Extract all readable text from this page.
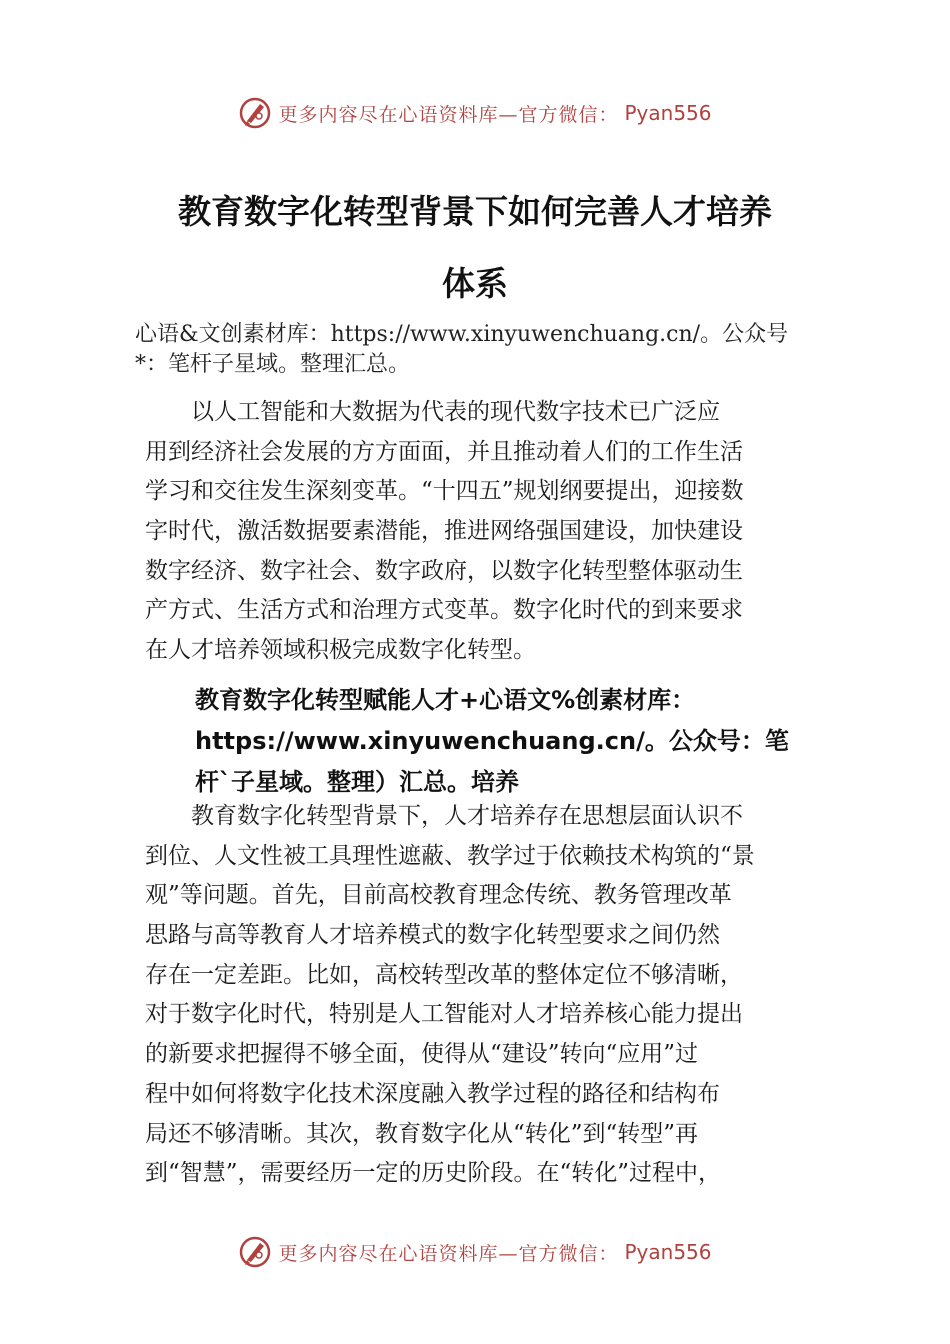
更多内容尽在心语资料库—官方微信： Pyan556
教育数字化转型背景下如何完善人才培养
体系
心语&文创素材库：https://www.xinyuwenchuang.cn/。公众号
*：笔杆子星域。整理汇总。
　　以人工智能和大数据为代表的现代数字技术已广泛应
用到经济社会发展的方方面面，并且推动着人们的工作生活
学习和交往发生深刻变革。“十四五”规划纲要提出，迎接数
字时代，激活数据要素潜能，推进网络强国建设，加快建设
数字经济、数字社会、数字政府，以数字化转型整体驱动生
产方式、生活方式和治理方式变革。数字化时代的到来要求
在人才培养领域积极完成数字化转型。
教育数字化转型赋能人才+心语文%创素材库：
https://www.xinyuwenchuang.cn/。公众号：笔
杆`子星域。整理）汇总。培养
　　教育数字化转型背景下，人才培养存在思想层面认识不
到位、人文性被工具理性遮蔽、教学过于依赖技术构筑的“景
观”等问题。首先，目前高校教育理念传统、教务管理改革
思路与高等教育人才培养模式的数字化转型要求之间仍然
存在一定差距。比如，高校转型改革的整体定位不够清晰，
对于数字化时代，特别是人工智能对人才培养核心能力提出
的新要求把握得不够全面，使得从“建设”转向“应用”过
程中如何将数字化技术深度融入教学过程的路径和结构布
局还不够清晰。其次，教育数字化从“转化”到“转型”再
到“智慧”，需要经历一定的历史阶段。在“转化”过程中，
更多内容尽在心语资料库—官方微信： Pyan556
